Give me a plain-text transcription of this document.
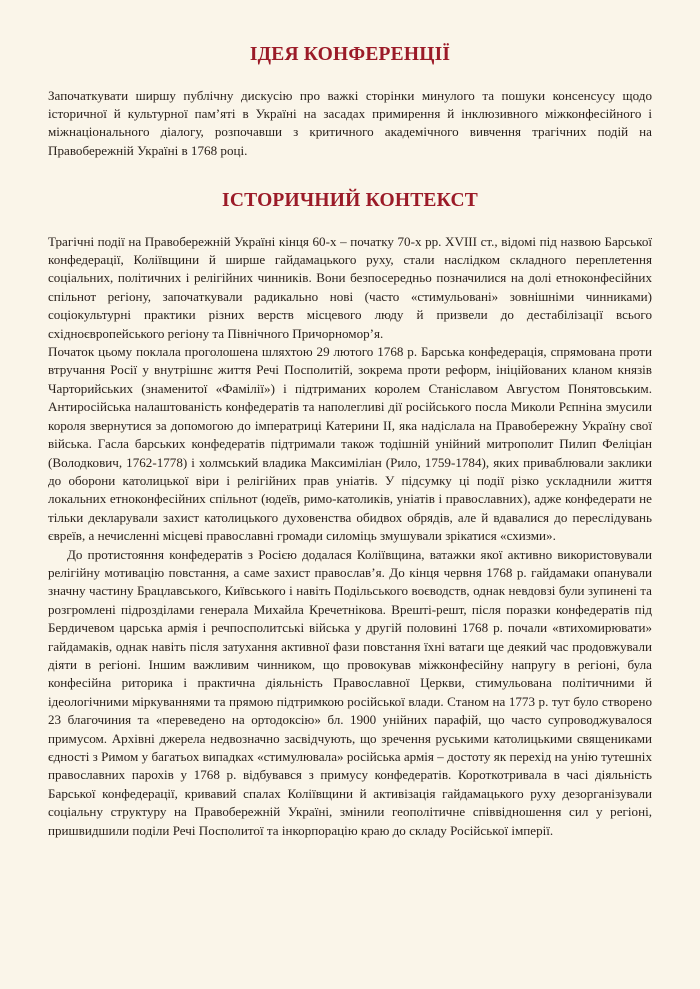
ІДЕЯ КОНФЕРЕНЦІЇ

Започаткувати ширшу публічну дискусію про важкі сторінки минулого та пошуки консенсусу щодо історичної й культурної пам’яті в Україні на засадах примирення й інклюзивного міжконфесійного і міжнаціонального діалогу, розпочавши з критичного академічного вивчення трагічних подій на Правобережній Україні в 1768 році.

ІСТОРИЧНИЙ КОНТЕКСТ

Трагічні події на Правобережній Україні кінця 60-х – початку 70-х рр. XVIII ст., відомі під назвою Барської конфедерації, Коліївщини й ширше гайдамацького руху, стали наслідком складного переплетення соціальних, політичних і релігійних чинників. Вони безпосередньо позначилися на долі етноконфесійних спільнот регіону, започаткували радикально нові (часто «стимульовані» зовнішніми чинниками) соціокультурні практики різних верств місцевого люду й призвели до дестабілізації всього східноєвропейського регіону та Північного Причорномор’я.

Початок цьому поклала проголошена шляхтою 29 лютого 1768 р. Барська конфедерація, спрямована проти втручання Росії у внутрішнє життя Речі Посполитій, зокрема проти реформ, ініційованих кланом князів Чарторийських (знаменитої «Фамілії») і підтриманих королем Станіславом Августом Понятовським. Антиросійська налаштованість конфедератів та наполегливі дії російського посла Миколи Рєпніна змусили короля звернутися за допомогою до імператриці Катерини ІІ, яка надіслала на Правобережну Україну свої війська. Гасла барських конфедератів підтримали також тодішній унійний митрополит Пилип Феліціан (Володкович, 1762-1778) і холмський владика Максиміліан (Рило, 1759-1784), яких приваблювали заклики до оборони католицької віри і релігійних прав уніатів. У підсумку ці події різко ускладнили життя локальних етноконфесійних спільнот (юдеїв, римо-католиків, уніатів і православних), адже конфедерати не тільки декларували захист католицького духовенства обидвох обрядів, але й вдавалися до переслідувань євреїв, а нечисленні місцеві православні громади силоміць змушували зрікатися «схизми».

До протистояння конфедератів з Росією додалася Коліївщина, ватажки якої активно використовували релігійну мотивацію повстання, а саме захист православ’я. До кінця червня 1768 р. гайдамаки опанували значну частину Брацлавського, Київського і навіть Подільського воєводств, однак невдовзі були зупинені та розгромлені підрозділами генерала Михайла Кречетнікова. Врешті-решт, після поразки конфедератів під Бердичевом царська армія і речпосполитські війська у другій половині 1768 р. почали «втихомирювати» гайдамаків, однак навіть після затухання активної фази повстання їхні ватаги ще деякий час продовжували діяти в регіоні. Іншим важливим чинником, що провокував міжконфесійну напругу в регіоні, була конфесійна риторика і практична діяльність Православної Церкви, стимульована політичними й ідеологічними міркуваннями та прямою підтримкою російської влади. Станом на 1773 р. тут було створено 23 благочиния та «переведено на ортодоксію» бл. 1900 унійних парафій, що часто супроводжувалося примусом. Архівні джерела недвозначно засвідчують, що зречення руськими католицькими священиками єдності з Римом у багатьох випадках «стимулювала» російська армія – достоту як перехід на унію тутешніх православних парохів у 1768 р. відбувався з примусу конфедератів. Короткотривала в часі діяльність Барської конфедерації, кривавий спалах Коліївщини й активізація гайдамацького руху дезорганізували соціальну структуру на Правобережній Україні, змінили геополітичне співвідношення сил у регіоні, пришвидшили поділи Речі Посполитої та інкорпорацію краю до складу Російської імперії.
